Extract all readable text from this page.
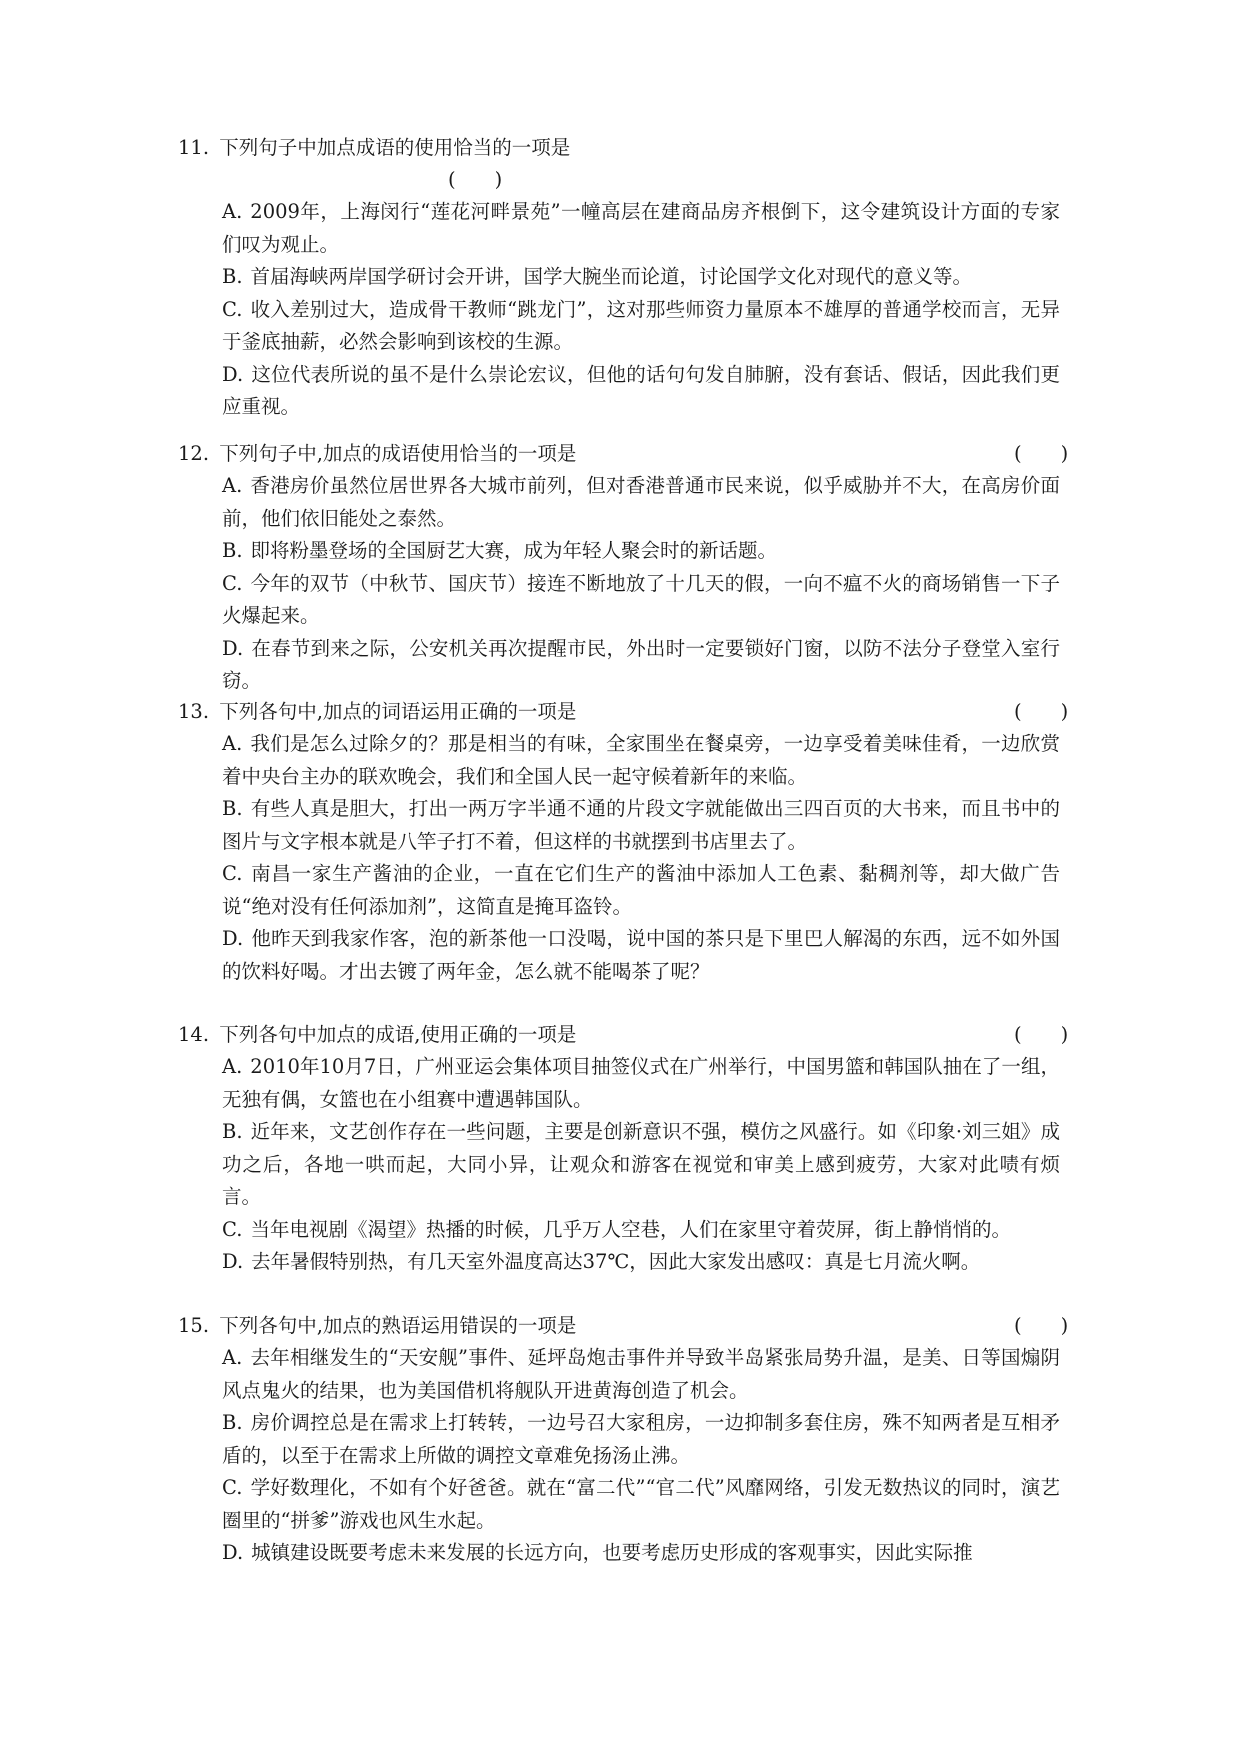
11. 下列句子中加点成语的使用恰当的一项是
(　　)
A. 2009年，上海闵行“莲花河畔景苑”一幢高层在建商品房齐根倒下，这令建筑设计方面的专家们叹为观止。
B. 首届海峡两岸国学研讨会开讲，国学大腕坐而论道，讨论国学文化对现代的意义等。
C. 收入差别过大，造成骨干教师“跳龙门”，这对那些师资力量原本不雄厚的普通学校而言，无异于釜底抽薪，必然会影响到该校的生源。
D. 这位代表所说的虽不是什么崇论宏议，但他的话句句发自肺腑，没有套话、假话，因此我们更应重视。
12. 下列句子中,加点的成语使用恰当的一项是	(　　)
A. 香港房价虽然位居世界各大城市前列，但对香港普通市民来说，似乎威胁并不大，在高房价面前，他们依旧能处之泰然。
B. 即将粉墨登场的全国厨艺大赛，成为年轻人聚会时的新话题。
C. 今年的双节（中秋节、国庆节）接连不断地放了十几天的假，一向不瘟不火的商场销售一下子火爆起来。
D. 在春节到来之际，公安机关再次提醒市民，外出时一定要锁好门窗，以防不法分子登堂入室行窃。
13. 下列各句中,加点的词语运用正确的一项是	(　　)
A. 我们是怎么过除夕的？那是相当的有味，全家围坐在餐桌旁，一边享受着美味佳肴，一边欣赏着中央台主办的联欢晚会，我们和全国人民一起守候着新年的来临。
B. 有些人真是胆大，打出一两万字半通不通的片段文字就能做出三四百页的大书来，而且书中的图片与文字根本就是八竿子打不着，但这样的书就摆到书店里去了。
C. 南昌一家生产酱油的企业，一直在它们生产的酱油中添加人工色素、黏稠剂等，却大做广告说“绝对没有任何添加剂”，这简直是掩耳盗铃。
D. 他昨天到我家作客，泡的新茶他一口没喝，说中国的茶只是下里巴人解渴的东西，远不如外国的饮料好喝。才出去镀了两年金，怎么就不能喝茶了呢？
14. 下列各句中加点的成语,使用正确的一项是	(　　)
A. 2010年10月7日，广州亚运会集体项目抽签仪式在广州举行，中国男篮和韩国队抽在了一组，无独有偶，女篮也在小组赛中遭遇韩国队。
B. 近年来，文艺创作存在一些问题，主要是创新意识不强，模仿之风盛行。如《印象·刘三姐》成功之后，各地一哄而起，大同小异，让观众和游客在视觉和审美上感到疲劳，大家对此啧有烦言。
C. 当年电视剧《渴望》热播的时候，几乎万人空巷，人们在家里守着荧屏，街上静悄悄的。
D. 去年暑假特别热，有几天室外温度高达37℃，因此大家发出感叹：真是七月流火啊。
15. 下列各句中,加点的熟语运用错误的一项是	(　　)
A. 去年相继发生的“天安舰”事件、延坪岛炮击事件并导致半岛紧张局势升温，是美、日等国煽阴风点鬼火的结果，也为美国借机将舰队开进黄海创造了机会。
B. 房价调控总是在需求上打转转，一边号召大家租房，一边抑制多套住房，殊不知两者是互相矛盾的，以至于在需求上所做的调控文章难免扬汤止沸。
C. 学好数理化，不如有个好爸爸。就在“富二代”“官二代”风靡网络，引发无数热议的同时，演艺圈里的“拼爹”游戏也风生水起。
D. 城镇建设既要考虑未来发展的长远方向，也要考虑历史形成的客观事实，因此实际推
